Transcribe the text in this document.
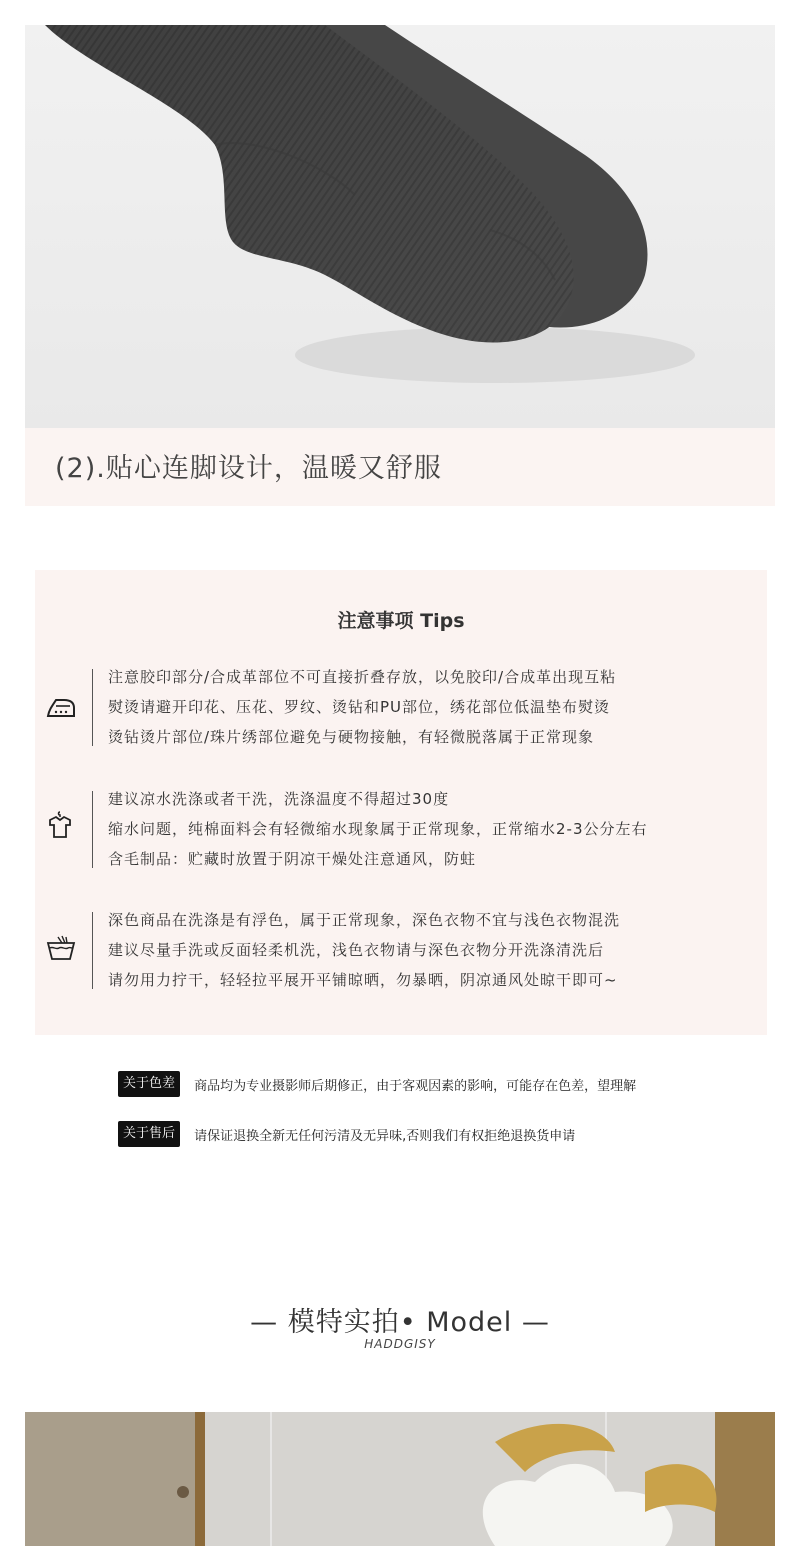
(2).贴心连脚设计，温暖又舒服
注意事项 Tips
注意胶印部分/合成革部位不可直接折叠存放，以免胶印/合成革出现互粘
熨烫请避开印花、压花、罗纹、烫钻和PU部位，绣花部位低温垫布熨烫
烫钻烫片部位/珠片绣部位避免与硬物接触，有轻微脱落属于正常现象
建议凉水洗涤或者干洗，洗涤温度不得超过30度
缩水问题，纯棉面料会有轻微缩水现象属于正常现象，正常缩水2-3公分左右
含毛制品：贮藏时放置于阴凉干燥处注意通风，防蛀
深色商品在洗涤是有浮色，属于正常现象，深色衣物不宜与浅色衣物混洗
建议尽量手洗或反面轻柔机洗，浅色衣物请与深色衣物分开洗涤清洗后
请勿用力拧干，轻轻拉平展开平铺晾晒，勿暴晒，阴凉通风处晾干即可~
关于色差 商品均为专业摄影师后期修正，由于客观因素的影响，可能存在色差，望理解
关于售后 请保证退换全新无任何污清及无异味,否则我们有权拒绝退换货申请
— 模特实拍• Model —
HADDGISY
